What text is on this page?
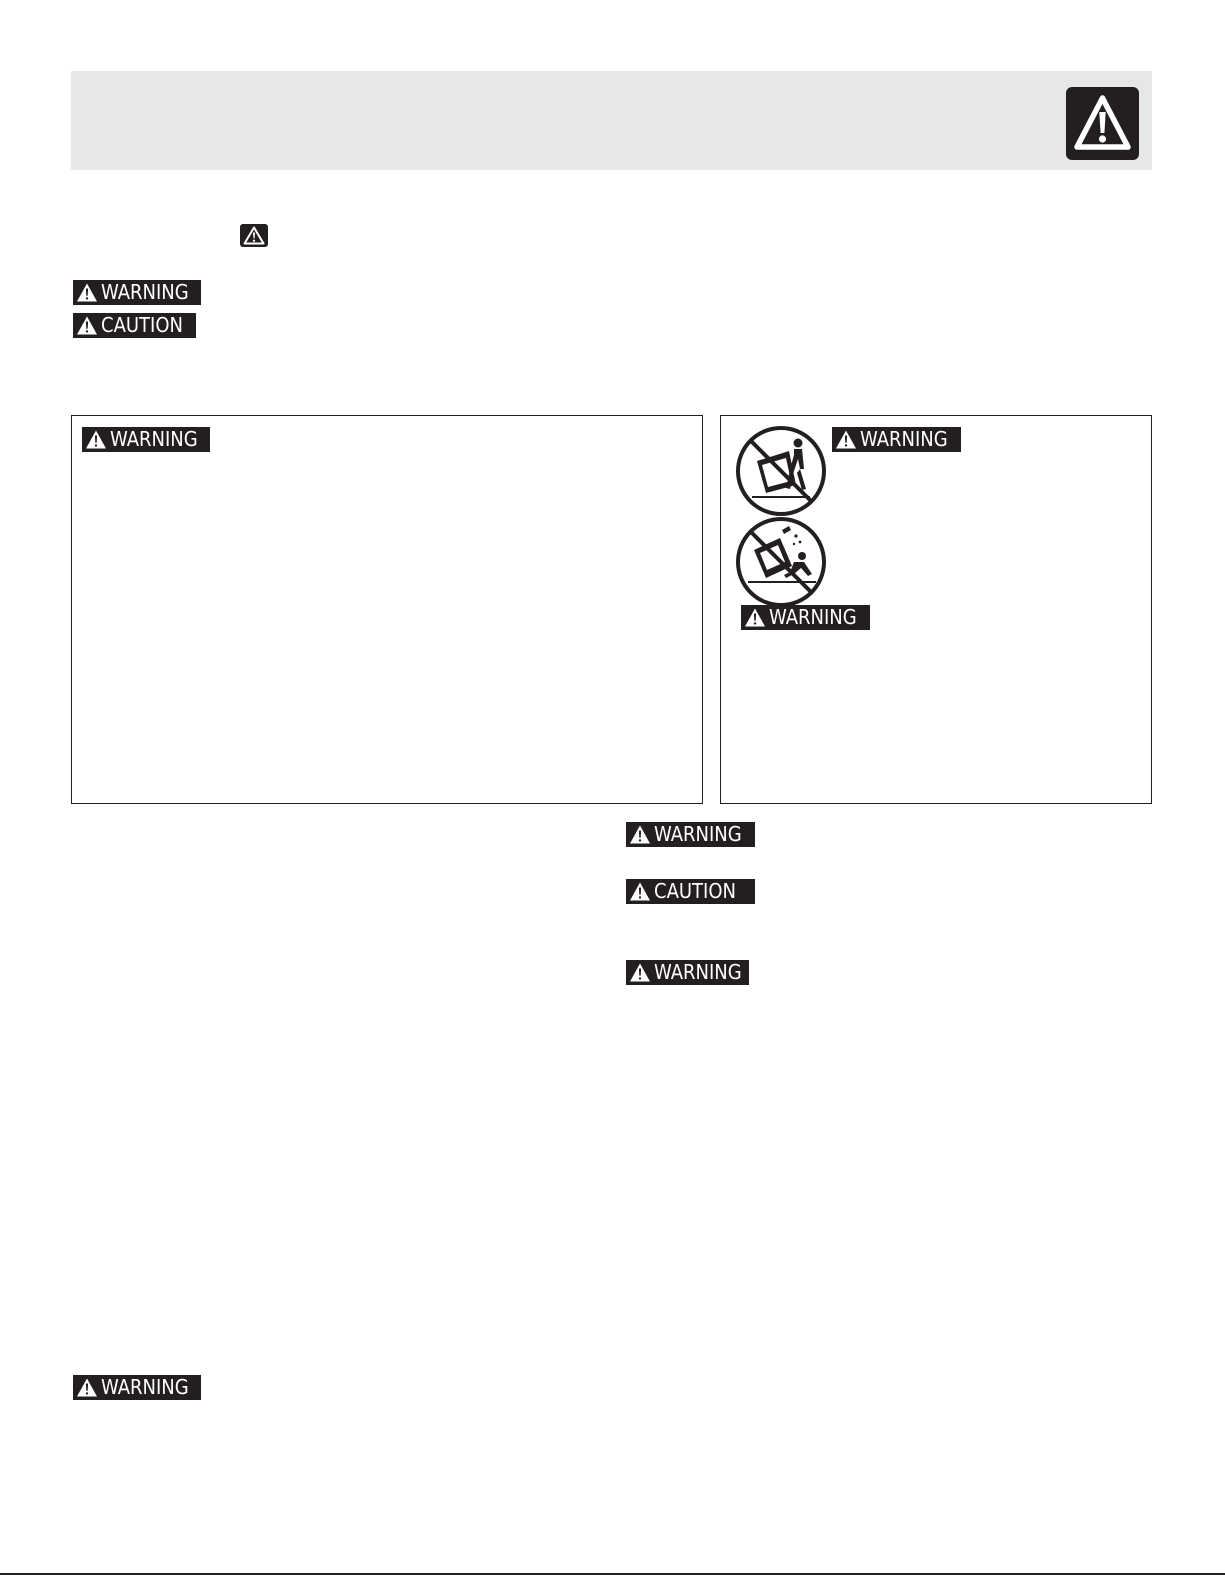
WARNING
CAUTION
WARNING	WARNING
WARNING
WARNING
CAUTION
WARNING
WARNING
